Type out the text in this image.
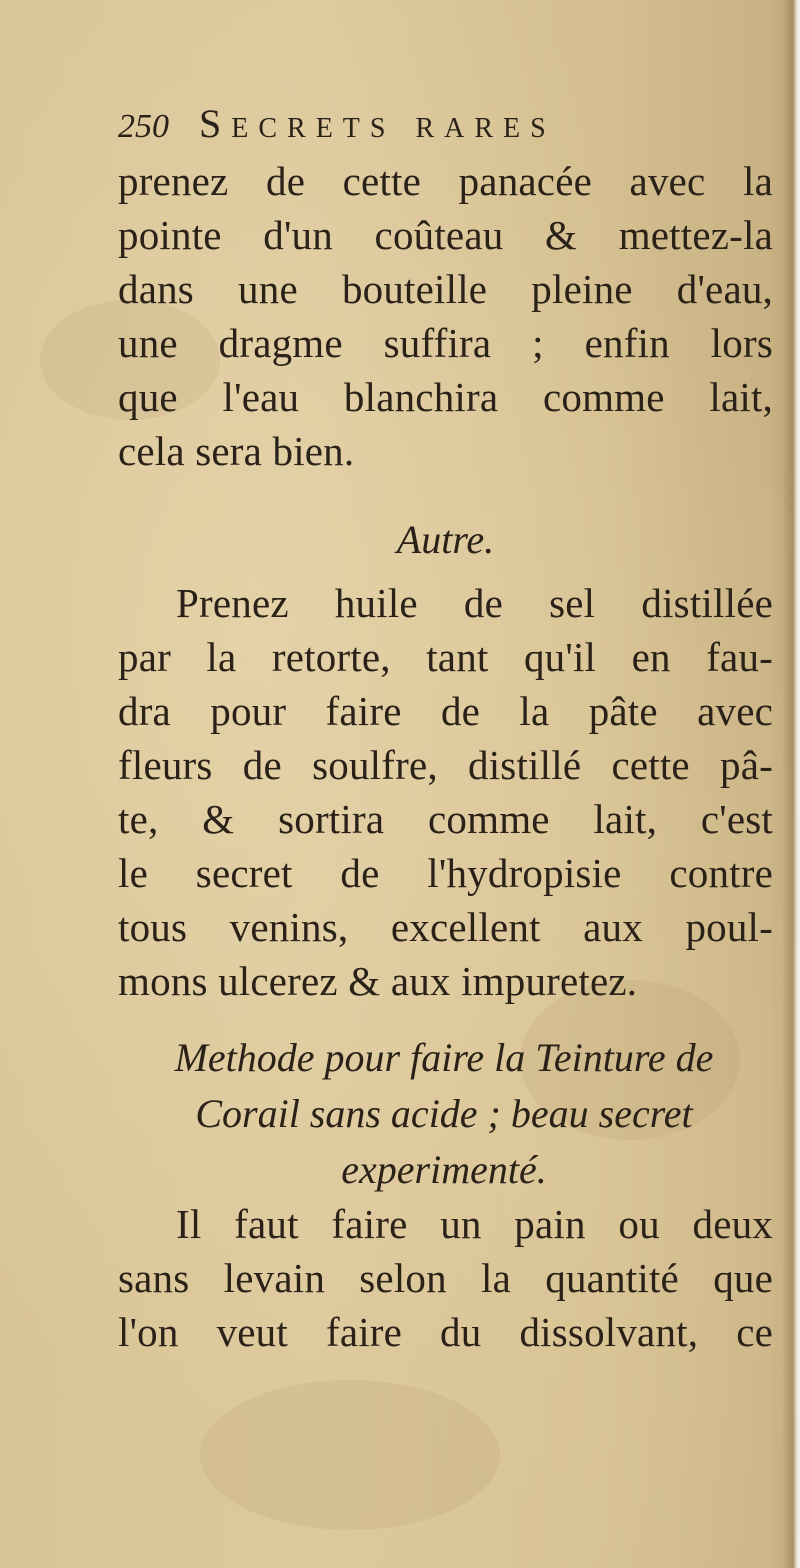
250 Secrets rares
prenez de cette panacée avec la
pointe d'un coûteau & mettez-la
dans une bouteille pleine d'eau,
une dragme suffira ; enfin lors
que l'eau blanchira comme lait,
cela sera bien.
Autre.
Prenez huile de sel distillée
par la retorte, tant qu'il en fau-
dra pour faire de la pâte avec
fleurs de soulfre, distillé cette pâ-
te, & sortira comme lait, c'est
le secret de l'hydropisie contre
tous venins, excellent aux poul-
mons ulcerez & aux impuretez.
Methode pour faire la Teinture de
Corail sans acide ; beau secret
experimenté.
Il faut faire un pain ou deux
sans levain selon la quantité que
l'on veut faire du dissolvant, ce
